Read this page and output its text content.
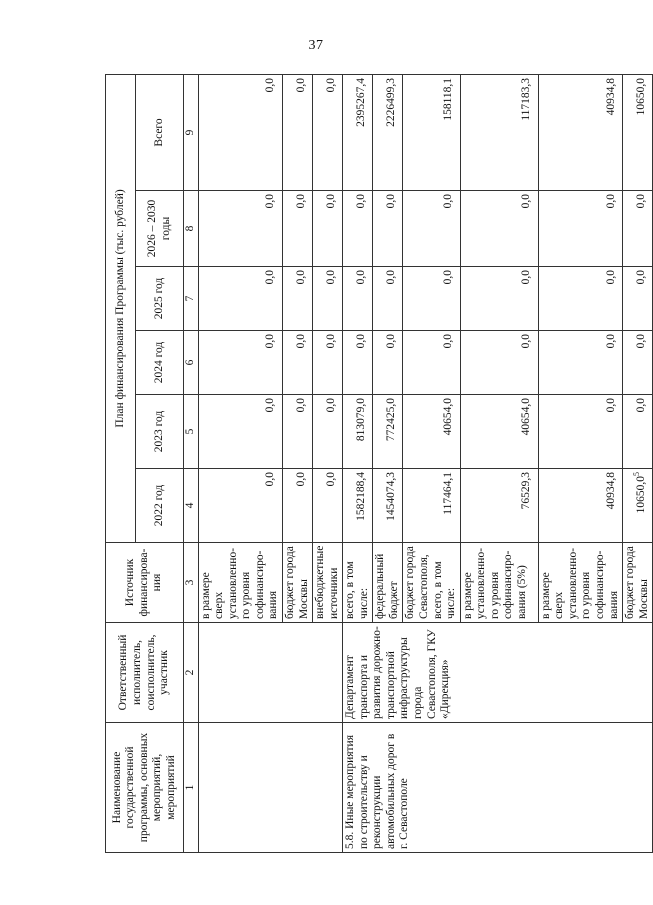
37
Наименование государственной программы, основных мероприятий, мероприятий	Ответственный исполнитель, соисполнитель, участник	Источник финансирова-ния	План финансирования Программы (тыс. рублей)					
			2022 год	2023 год	2024 год	2025 год	2026 – 2030 годы	Всего
1	2	3	4	5	6	7	8	9
		в размере сверх установленно-го уровня софинансиро-вания	0,0	0,0	0,0	0,0	0,0	0,0
		бюджет города Москвы	0,0	0,0	0,0	0,0	0,0	0,0
		внебюджетные источники	0,0	0,0	0,0	0,0	0,0	0,0
5.8. Иные мероприятия по строительству и реконструкции автомобильных дорог в г. Севастополе	Департамент транспорта и развития дорожно-транспортной инфраструктуры города Севастополя, ГКУ «Дирекция»	всего, в том числе:	1582188,4	813079,0	0,0	0,0	0,0	2395267,4
		федеральный бюджет	1454074,3	772425,0	0,0	0,0	0,0	2226499,3
		бюджет города Севастополя, всего, в том числе:	117464,1	40654,0	0,0	0,0	0,0	158118,1
		в размере установленно-го уровня софинансиро-вания (5%)	76529,3	40654,0	0,0	0,0	0,0	117183,3
		в размере сверх установленно-го уровня софинансиро-вания	40934,8	0,0	0,0	0,0	0,0	40934,8
		бюджет города Москвы	10650,0$^5$	0,0	0,0	0,0	0,0	10650,0
